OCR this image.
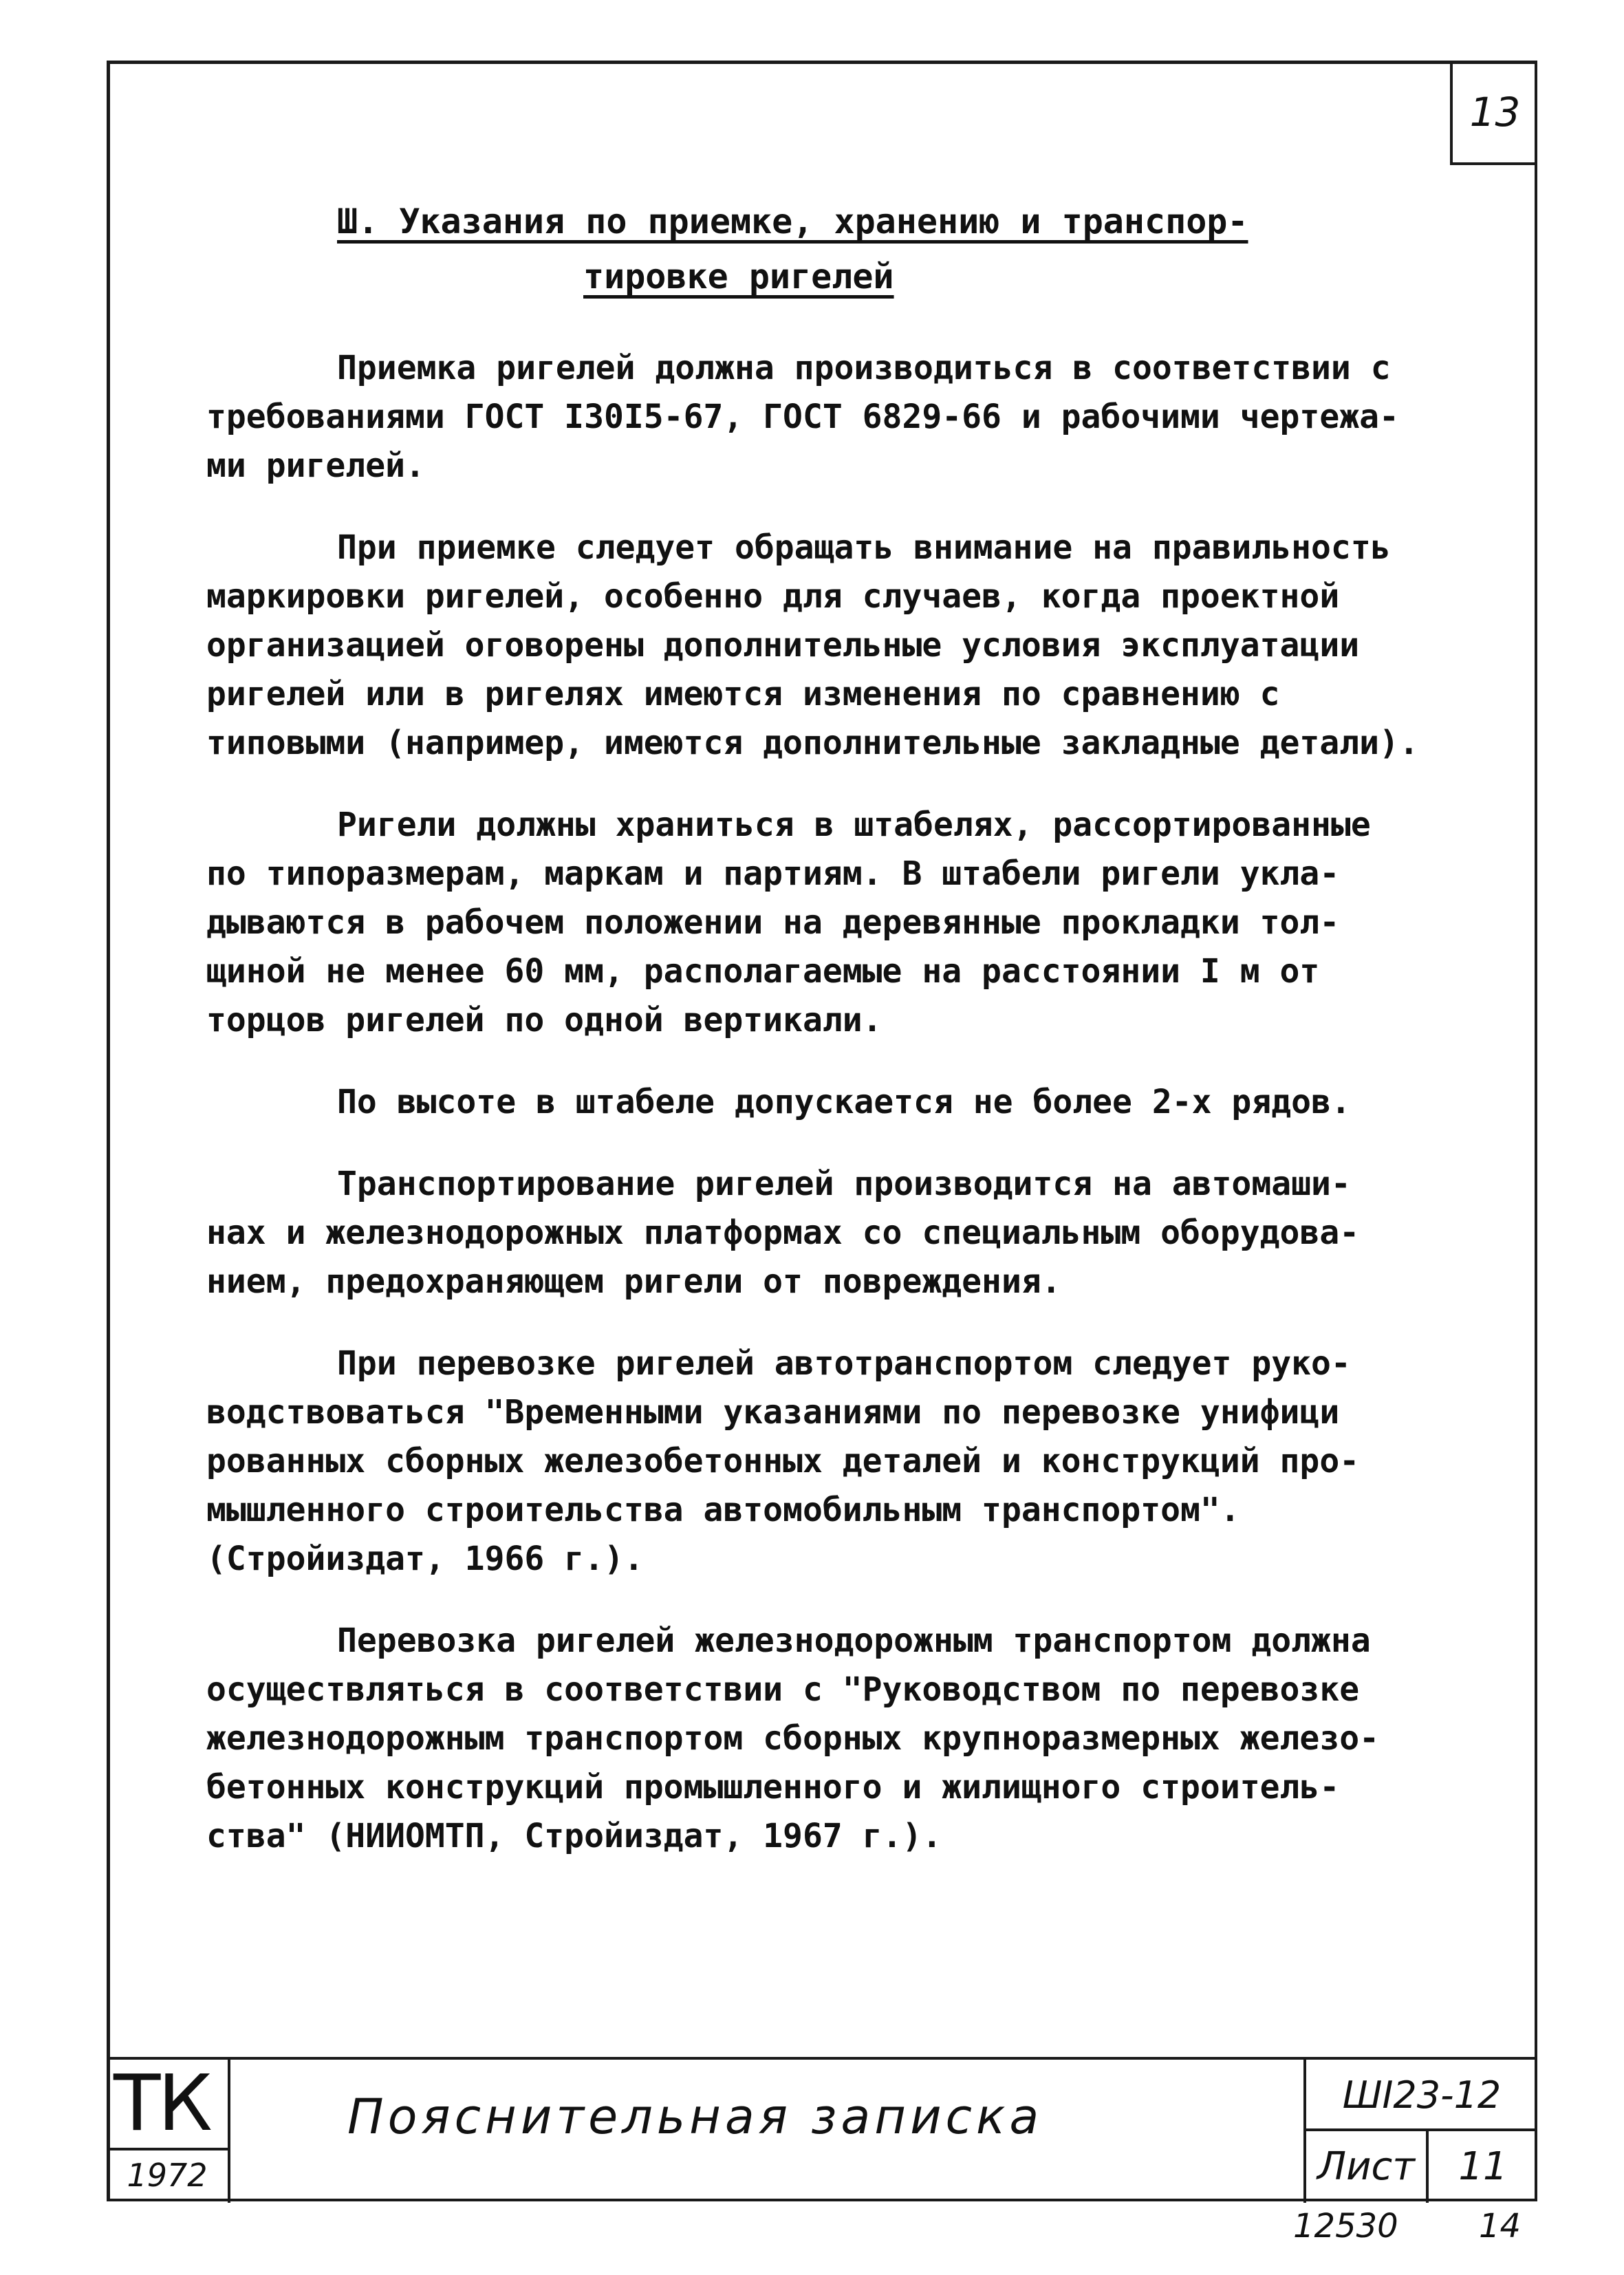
13
Ш. Указания по приемке, хранению и транспор-
тировке ригелей

Приемка ригелей должна производиться в соответствии с
требованиями ГОСТ I30I5-67, ГОСТ 6829-66 и рабочими чертежа-
ми ригелей.

При приемке следует обращать внимание на правильность
маркировки ригелей, особенно для случаев, когда проектной
организацией оговорены дополнительные условия эксплуатации
ригелей или в ригелях имеются изменения по сравнению с
типовыми (например, имеются дополнительные закладные детали).

Ригели должны храниться в штабелях, рассортированные
по типоразмерам, маркам и партиям. В штабели ригели укла-
дываются в рабочем положении на деревянные прокладки тол-
щиной не менее 60 мм, располагаемые на расстоянии I м от
торцов ригелей по одной вертикали.

По высоте в штабеле допускается не более 2-х рядов.

Транспортирование ригелей производится на автомаши-
нах и железнодорожных платформах со специальным оборудова-
нием, предохраняющем ригели от повреждения.

При перевозке ригелей автотранспортом следует руко-
водствоваться "Временными указаниями по перевозке унифици
рованных сборных железобетонных деталей и конструкций про-
мышленного строительства автомобильным транспортом".
(Стройиздат, 1966 г.).

Перевозка ригелей железнодорожным транспортом должна
осуществляться в соответствии с "Руководством по перевозке
железнодорожным транспортом сборных крупноразмерных железо-
бетонных конструкций промышленного и жилищного строитель-
ства" (НИИОМТП, Стройиздат, 1967 г.).

ТК
1972
Пояснительная записка	ШI23-12
Лист	11
12530 14
